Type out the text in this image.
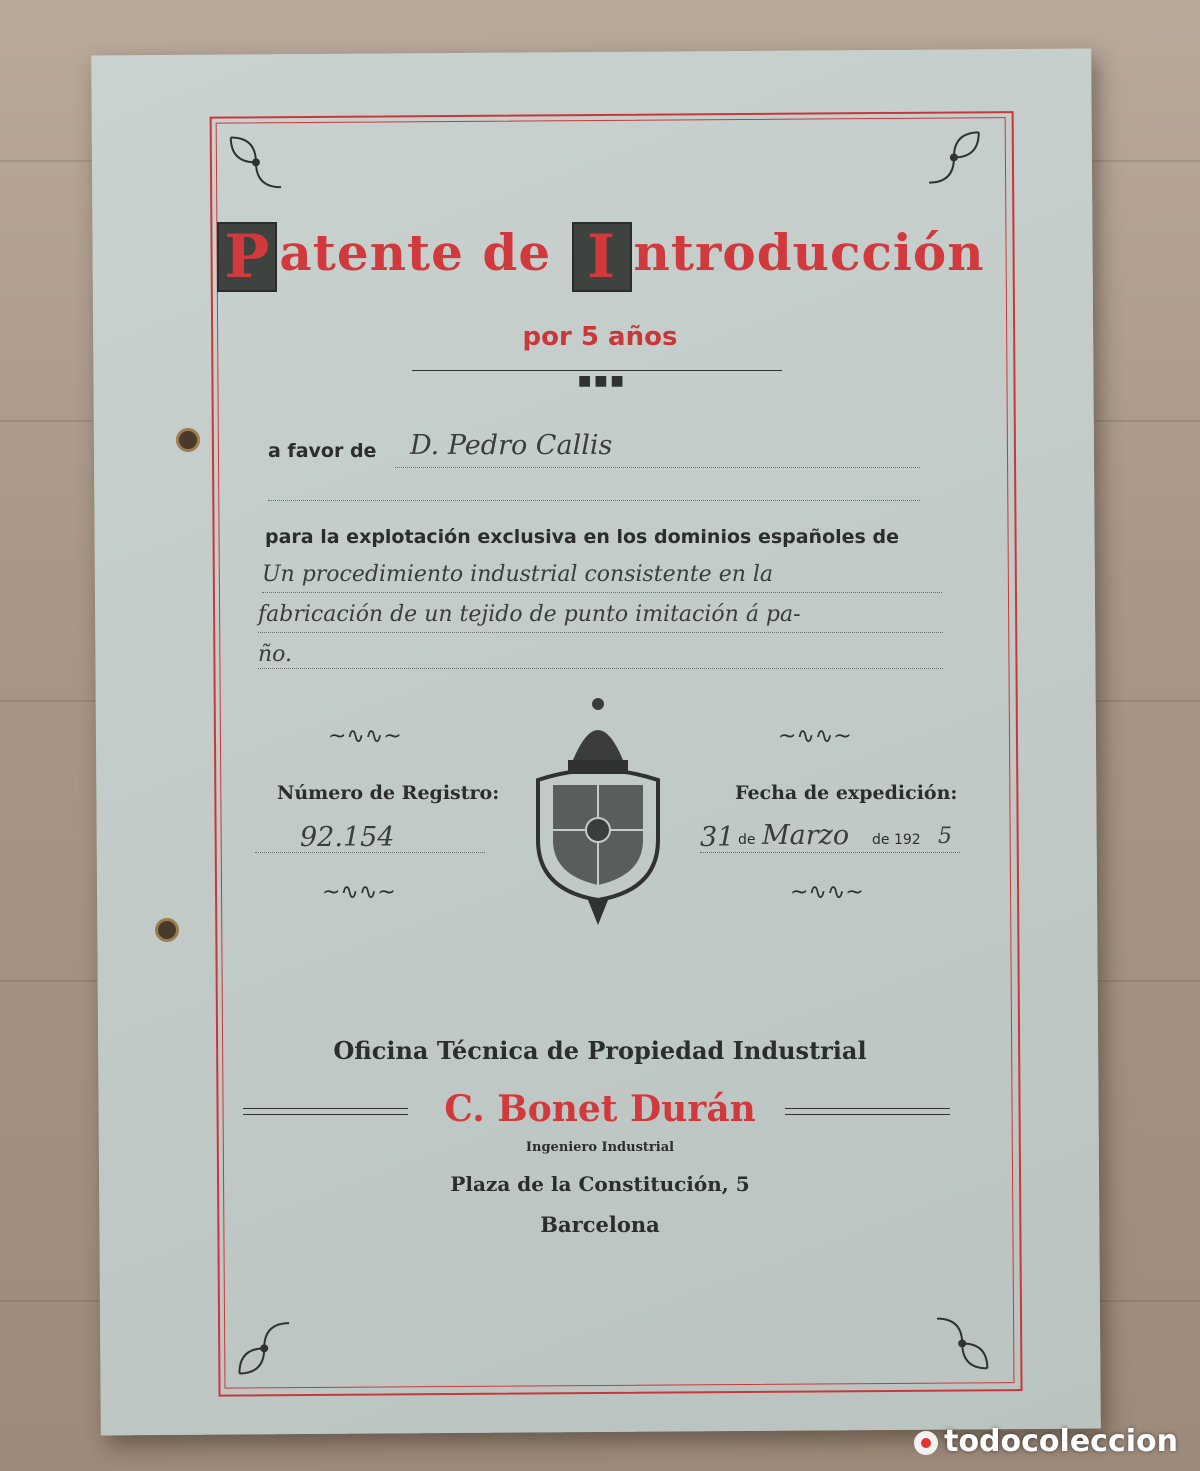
P atente de I ntroducción
por 5 años
■■■
a favor de D. Pedro Callis
para la explotación exclusiva en los dominios españoles de
Un procedimiento industrial consistente en la
fabricación de un tejido de punto imitación á pa-
ño.
~∿∿~	~∿∿~
~∿∿~	~∿∿~
Número de Registro:
92.154
Fecha de expedición:
31 de Marzo de 192 5
Oficina Técnica de Propiedad Industrial
C. Bonet Durán
Ingeniero Industrial
Plaza de la Constitución, 5
Barcelona
todocoleccion
